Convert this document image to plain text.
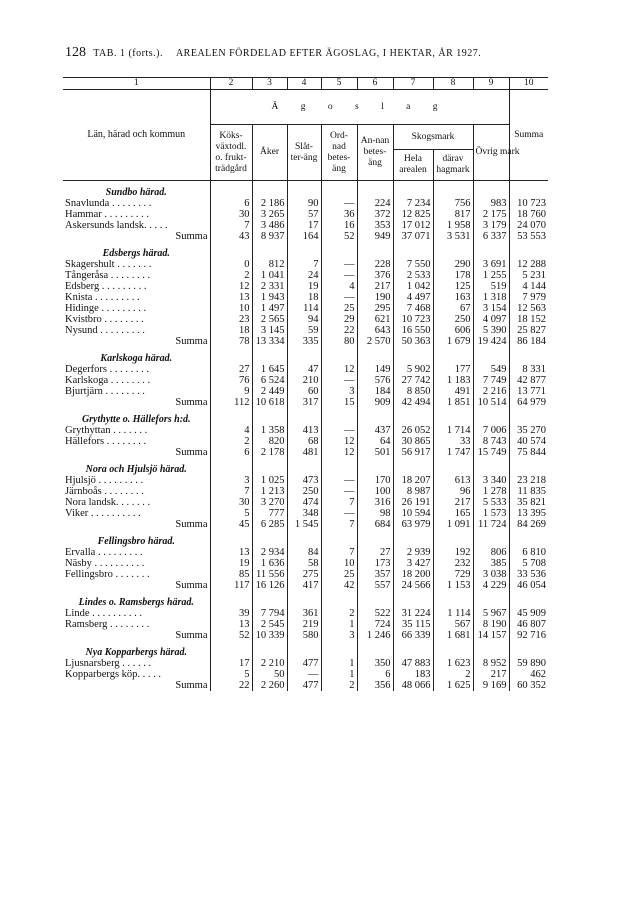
128 TAB. 1 (forts.). AREALEN FÖRDELAD EFTER ÄGOSLAG, I HEKTAR, ÅR 1927.
1	2	3	4	5	6	7	8	9	10
Län, härad och kommun	Ä g o s l a g								Summa
	Köks-växtodl. o. frukt-trädgård	Åker	Slåt-ter-äng	Ord-nad betes-äng	An-nan betes-äng	Skogsmark		Övrig mark	
						Hela arealen	därav hagmark		
Sundbo härad.									
Snavlunda . . . . . . . .	6	2 186	90	—	224	7 234	756	983	10 723
Hammar . . . . . . . . .	30	3 265	57	36	372	12 825	817	2 175	18 760
Askersunds landsk. . . . .	7	3 486	17	16	353	17 012	1 958	3 179	24 070
Summa	43	8 937	164	52	949	37 071	3 531	6 337	53 553
Edsbergs härad.									
Skagershult . . . . . . .	0	812	7	—	228	7 550	290	3 691	12 288
Tångeråsa . . . . . . . .	2	1 041	24	—	376	2 533	178	1 255	5 231
Edsberg . . . . . . . . .	12	2 331	19	4	217	1 042	125	519	4 144
Knista . . . . . . . . .	13	1 943	18	—	190	4 497	163	1 318	7 979
Hidinge . . . . . . . . .	10	1 497	114	25	295	7 468	67	3 154	12 563
Kvistbro . . . . . . . .	23	2 565	94	29	621	10 723	250	4 097	18 152
Nysund . . . . . . . . .	18	3 145	59	22	643	16 550	606	5 390	25 827
Summa	78	13 334	335	80	2 570	50 363	1 679	19 424	86 184
Karlskoga härad.									
Degerfors . . . . . . . .	27	1 645	47	12	149	5 902	177	549	8 331
Karlskoga . . . . . . . .	76	6 524	210	—	576	27 742	1 183	7 749	42 877
Bjurtjärn . . . . . . . .	9	2 449	60	3	184	8 850	491	2 216	13 771
Summa	112	10 618	317	15	909	42 494	1 851	10 514	64 979
Grythytte o. Hällefors h:d.									
Grythyttan . . . . . . .	4	1 358	413	—	437	26 052	1 714	7 006	35 270
Hällefors . . . . . . . .	2	820	68	12	64	30 865	33	8 743	40 574
Summa	6	2 178	481	12	501	56 917	1 747	15 749	75 844
Nora och Hjulsjö härad.									
Hjulsjö . . . . . . . . .	3	1 025	473	—	170	18 207	613	3 340	23 218
Järnboås . . . . . . . .	7	1 213	250	—	100	8 987	96	1 278	11 835
Nora landsk. . . . . . .	30	3 270	474	7	316	26 191	217	5 533	35 821
Viker . . . . . . . . . .	5	777	348	—	98	10 594	165	1 573	13 395
Summa	45	6 285	1 545	7	684	63 979	1 091	11 724	84 269
Fellingsbro härad.									
Ervalla . . . . . . . . .	13	2 934	84	7	27	2 939	192	806	6 810
Näsby . . . . . . . . . .	19	1 636	58	10	173	3 427	232	385	5 708
Fellingsbro . . . . . . .	85	11 556	275	25	357	18 200	729	3 038	33 536
Summa	117	16 126	417	42	557	24 566	1 153	4 229	46 054
Lindes o. Ramsbergs härad.									
Linde . . . . . . . . . .	39	7 794	361	2	522	31 224	1 114	5 967	45 909
Ramsberg . . . . . . . .	13	2 545	219	1	724	35 115	567	8 190	46 807
Summa	52	10 339	580	3	1 246	66 339	1 681	14 157	92 716
Nya Kopparbergs härad.									
Ljusnarsberg . . . . . .	17	2 210	477	1	350	47 883	1 623	8 952	59 890
Kopparbergs köp. . . . .	5	50	—	1	6	183	2	217	462
Summa	22	2 260	477	2	356	48 066	1 625	9 169	60 352
